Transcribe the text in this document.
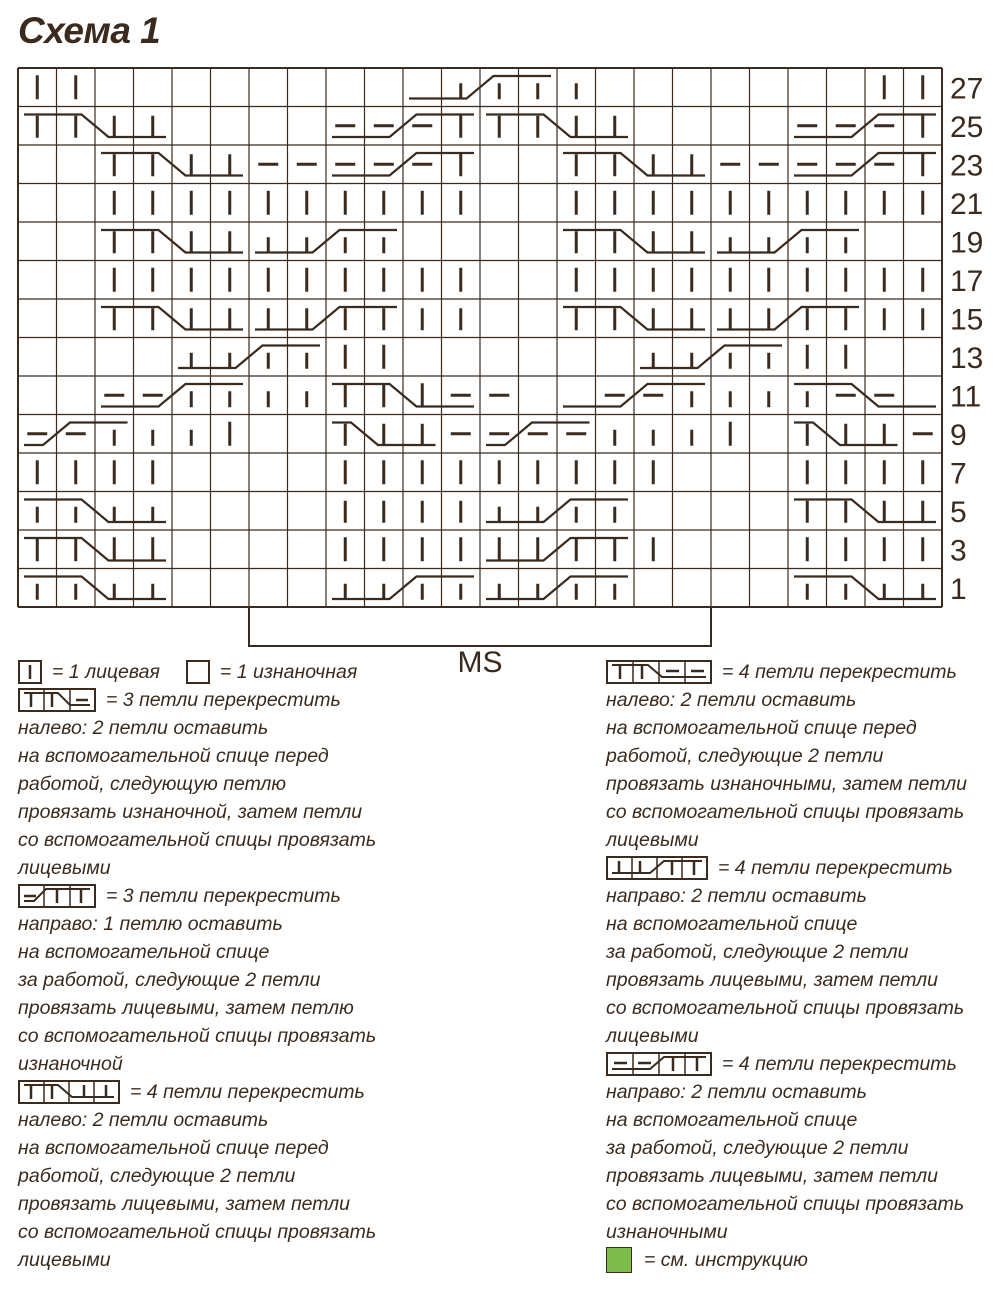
Схема 1
27
25
23
21
19
17
15
13
11
9
7
5
3
1
MS
= 1 лицевая	= 1 изнаночная
= 3 петли перекрестить

налево: 2 петли оставить

на вспомогательной спице перед

работой, следующую петлю

провязать изнаночной, затем петли

со вспомогательной спицы провязать

лицевыми

= 3 петли перекрестить

направо: 1 петлю оставить

на вспомогательной спице

за работой, следующие 2 петли

провязать лицевыми, затем петлю

со вспомогательной спицы провязать

изнаночной

= 4 петли перекрестить

налево: 2 петли оставить

на вспомогательной спице перед

работой, следующие 2 петли

провязать лицевыми, затем петли

со вспомогательной спицы провязать

лицевыми

= 4 петли перекрестить

налево: 2 петли оставить

на вспомогательной спице перед

работой, следующие 2 петли

провязать изнаночными, затем петли

со вспомогательной спицы провязать

лицевыми

= 4 петли перекрестить

направо: 2 петли оставить

на вспомогательной спице

за работой, следующие 2 петли

провязать лицевыми, затем петли

со вспомогательной спицы провязать

лицевыми

= 4 петли перекрестить

направо: 2 петли оставить

на вспомогательной спице

за работой, следующие 2 петли

провязать лицевыми, затем петли

со вспомогательной спицы провязать

изнаночными

= см. инструкцию
